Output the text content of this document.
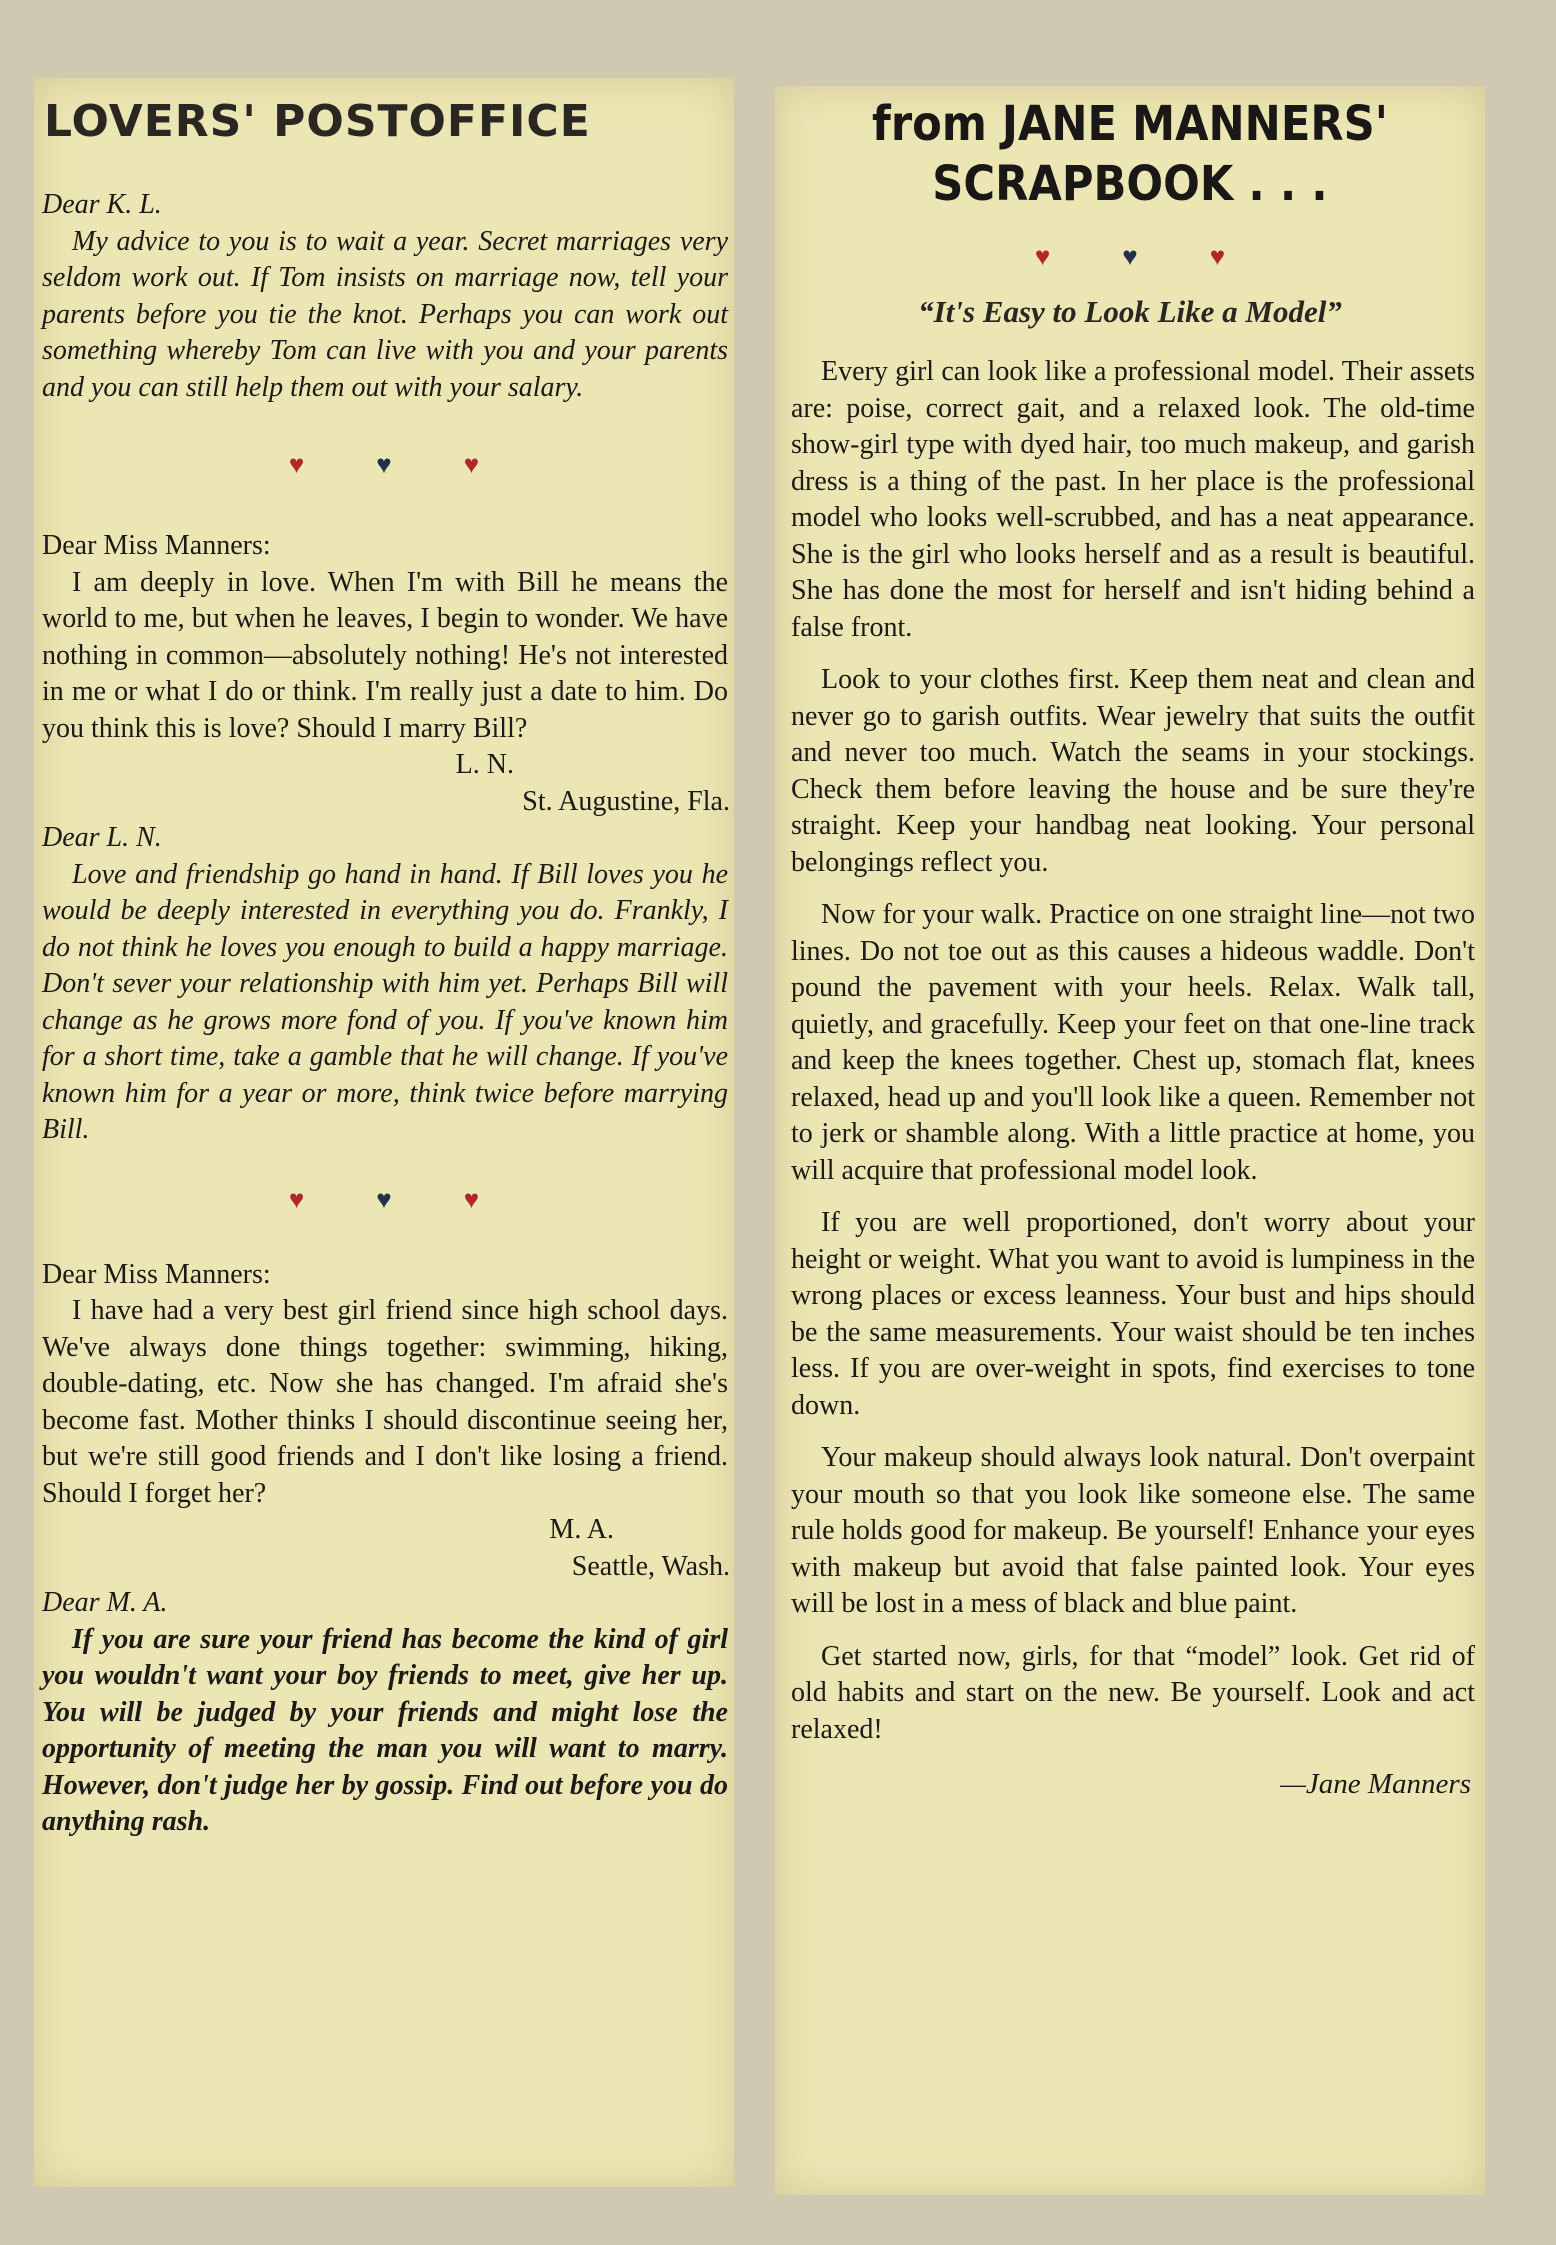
LOVERS' POSTOFFICE

Dear K. L.

My advice to you is to wait a year. Secret marriages very seldom work out. If Tom insists on marriage now, tell your parents before you tie the knot. Perhaps you can work out something whereby Tom can live with you and your parents and you can still help them out with your salary.

♥	♥	♥

Dear Miss Manners:

I am deeply in love. When I'm with Bill he means the world to me, but when he leaves, I begin to wonder. We have nothing in common—absolutely nothing! He's not interested in me or what I do or think. I'm really just a date to him. Do you think this is love? Should I marry Bill?

L. N.

St. Augustine, Fla.

Dear L. N.

Love and friendship go hand in hand. If Bill loves you he would be deeply interested in everything you do. Frankly, I do not think he loves you enough to build a happy marriage. Don't sever your relationship with him yet. Perhaps Bill will change as he grows more fond of you. If you've known him for a short time, take a gamble that he will change. If you've known him for a year or more, think twice before marrying Bill.

♥	♥	♥

Dear Miss Manners:

I have had a very best girl friend since high school days. We've always done things together: swimming, hiking, double-dating, etc. Now she has changed. I'm afraid she's become fast. Mother thinks I should discontinue seeing her, but we're still good friends and I don't like losing a friend. Should I forget her?

M. A.

Seattle, Wash.

Dear M. A.

If you are sure your friend has become the kind of girl you wouldn't want your boy friends to meet, give her up. You will be judged by your friends and might lose the opportunity of meeting the man you will want to marry. However, don't judge her by gossip. Find out before you do anything rash.

from JANE MANNERS'
SCRAPBOOK . . .
♥	♥	♥

“It's Easy to Look Like a Model”

Every girl can look like a professional model. Their assets are: poise, correct gait, and a relaxed look. The old-time show-girl type with dyed hair, too much makeup, and garish dress is a thing of the past. In her place is the professional model who looks well-scrubbed, and has a neat appearance. She is the girl who looks herself and as a result is beautiful. She has done the most for herself and isn't hiding behind a false front.

Look to your clothes first. Keep them neat and clean and never go to garish outfits. Wear jewelry that suits the outfit and never too much. Watch the seams in your stockings. Check them before leaving the house and be sure they're straight. Keep your handbag neat looking. Your personal belongings reflect you.

Now for your walk. Practice on one straight line—not two lines. Do not toe out as this causes a hideous waddle. Don't pound the pavement with your heels. Relax. Walk tall, quietly, and gracefully. Keep your feet on that one-line track and keep the knees together. Chest up, stomach flat, knees relaxed, head up and you'll look like a queen. Remember not to jerk or shamble along. With a little practice at home, you will acquire that professional model look.

If you are well proportioned, don't worry about your height or weight. What you want to avoid is lumpiness in the wrong places or excess leanness. Your bust and hips should be the same measurements. Your waist should be ten inches less. If you are over-weight in spots, find exercises to tone down.

Your makeup should always look natural. Don't overpaint your mouth so that you look like someone else. The same rule holds good for makeup. Be yourself! Enhance your eyes with makeup but avoid that false painted look. Your eyes will be lost in a mess of black and blue paint.

Get started now, girls, for that “model” look. Get rid of old habits and start on the new. Be yourself. Look and act relaxed!

—Jane Manners
